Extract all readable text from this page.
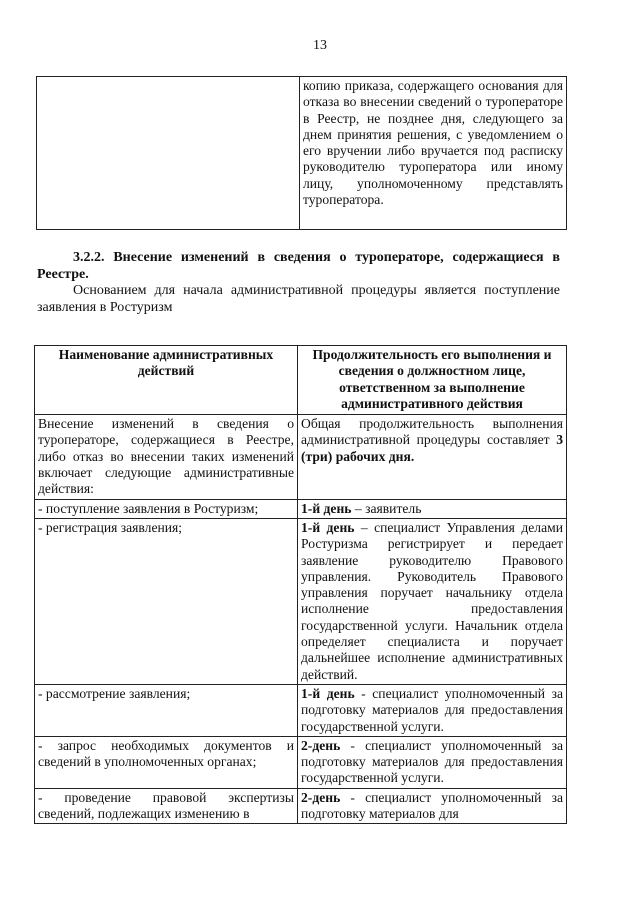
13
	копию приказа, содержащего основания для отказа во внесении сведений о туроператоре в Реестр, не позднее дня, следующего за днем принятия решения, с уведомлением о его вручении либо вручается под расписку руководителю туроператора или иному лицу, уполномоченному представлять туроператора.
3.2.2. Внесение изменений в сведения о туроператоре, содержащиеся в Реестре.
Основанием для начала административной процедуры является поступление заявления в Ростуризм
Наименование административных действий	Продолжительность его выполнения и сведения о должностном лице, ответственном за выполнение административного действия
Внесение изменений в сведения о туроператоре, содержащиеся в Реестре, либо отказ во внесении таких изменений включает следующие административные действия:	Общая продолжительность выполнения административной процедуры составляет 3 (три) рабочих дня.
- поступление заявления в Ростуризм;	1-й день – заявитель
- регистрация заявления;	1-й день – специалист Управления делами Ростуризма регистрирует и передает заявление руководителю Правового управления. Руководитель Правового управления поручает начальнику отдела исполнение предоставления государственной услуги. Начальник отдела определяет специалиста и поручает дальнейшее исполнение административных действий.
- рассмотрение заявления;	1-й день - специалист уполномоченный за подготовку материалов для предоставления государственной услуги.
- запрос необходимых документов и сведений в уполномоченных органах;	2-день - специалист уполномоченный за подготовку материалов для предоставления государственной услуги.
- проведение правовой экспертизы сведений, подлежащих изменению в	2-день - специалист уполномоченный за подготовку материалов для
